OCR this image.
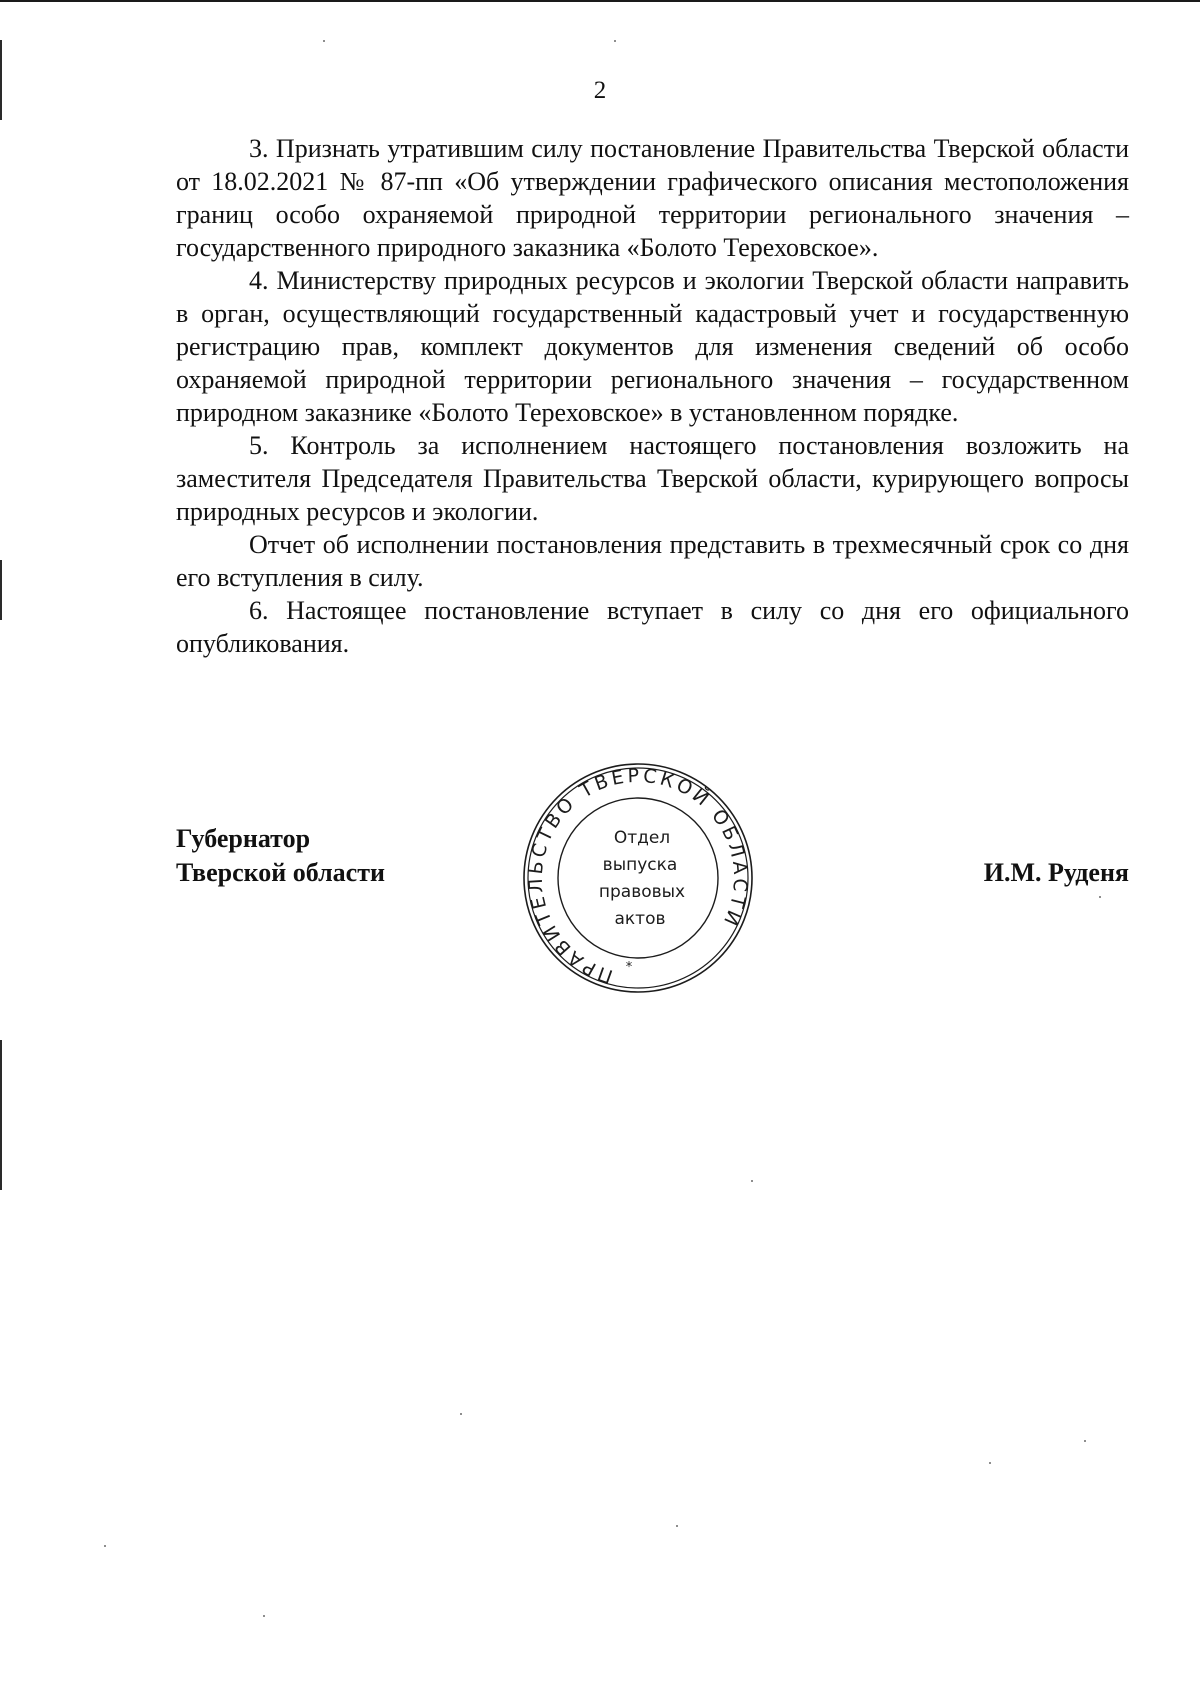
2

3. Признать утратившим силу постановление Правительства Тверской области от 18.02.2021 № 87-пп «Об утверждении графического описания местоположения границ особо охраняемой природной территории регионального значения – государственного природного заказника «Болото Тереховское».

4. Министерству природных ресурсов и экологии Тверской области направить в орган, осуществляющий государственный кадастровый учет и государственную регистрацию прав, комплект документов для изменения сведений об особо охраняемой природной территории регионального значения – государственном природном заказнике «Болото Тереховское» в установленном порядке.

5. Контроль за исполнением настоящего постановления возложить на заместителя Председателя Правительства Тверской области, курирующего вопросы природных ресурсов и экологии.

Отчет об исполнении постановления представить в трехмесячный срок со дня его вступления в силу.

6. Настоящее постановление вступает в силу со дня его официального опубликования.

Губернатор
Тверской области	И.М. Руденя
ПРАВИТЕЛЬСТВО ТВЕРСКОЙ ОБЛАСТИ
Отдел
выпуска
правовых
актов
*
